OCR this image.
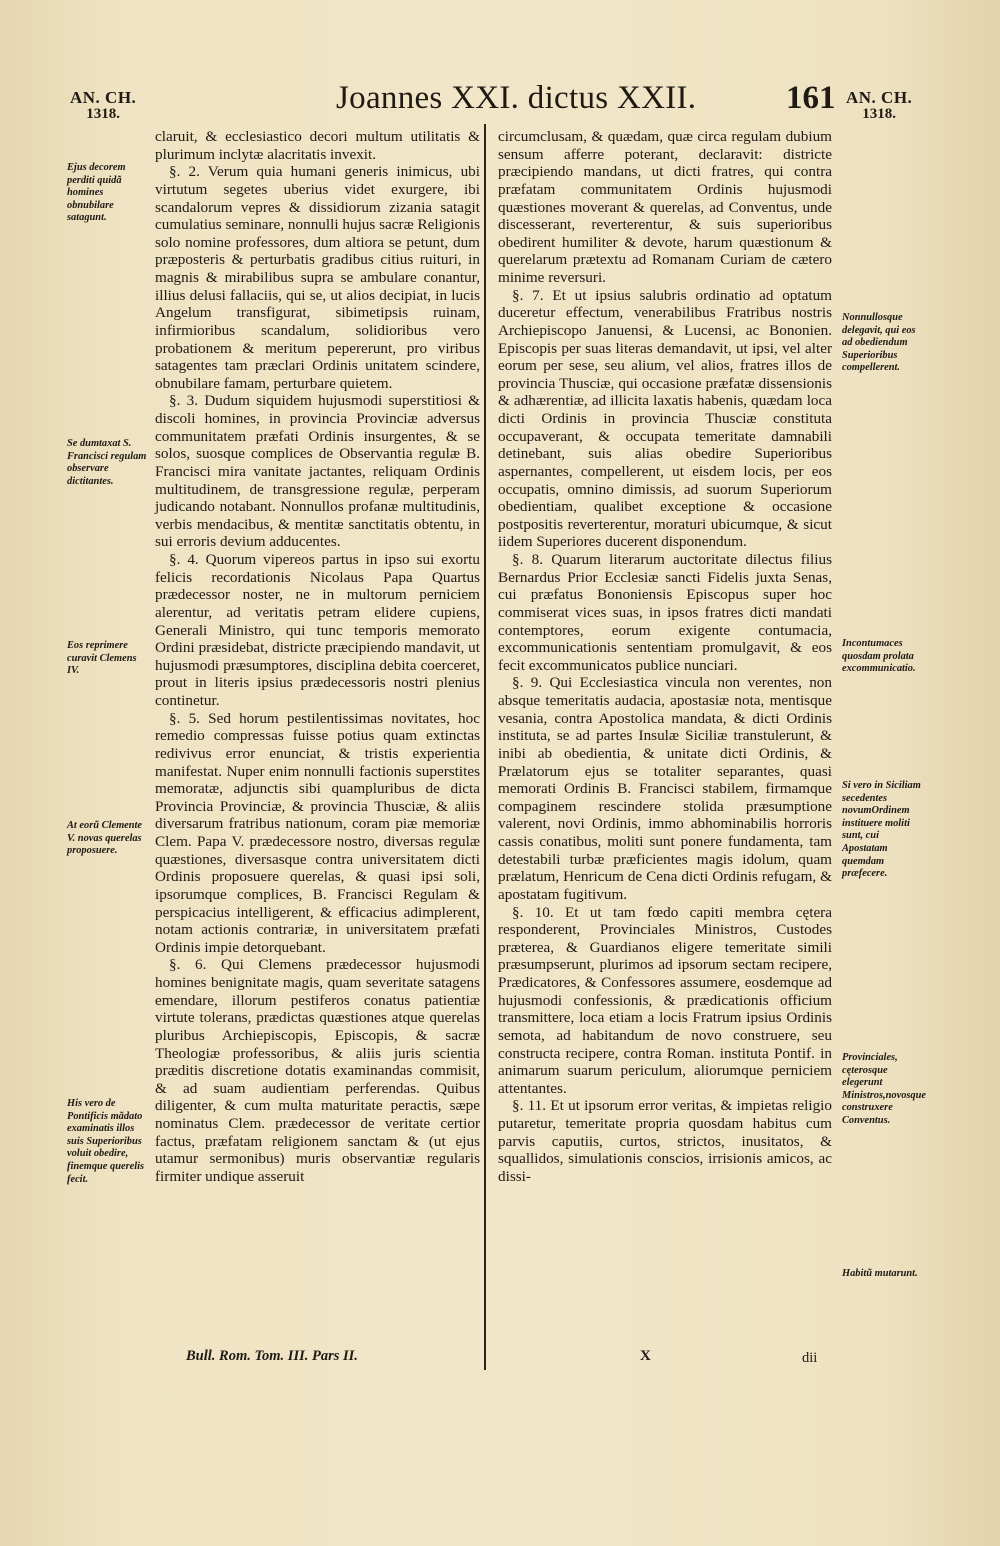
AN. CH.
1318.	Joannes XXI. dictus XXII.	161 AN. CH.
1318.
Ejus decorem perditi quidã homines obnubilare satagunt.
Se dumtaxat S. Francisci regulam observare dictitantes.
Eos reprimere curavit Clemens IV.
At eorũ Clemente V. novas querelas proposuere.
His vero de Pontificis mãdato examinatis illos suis Superioribus voluit obedire, finemque querelis fecit.

claruit, & ecclesiastico decori multum utilitatis & plurimum inclytæ alacritatis invexit.

§. 2. Verum quia humani generis inimicus, ubi virtutum segetes uberius videt exurgere, ibi scandalorum vepres & dissidiorum zizania satagit cumulatius seminare, nonnulli hujus sacræ Religionis solo nomine professores, dum altiora se petunt, dum præposteris & perturbatis gradibus citius ruituri, in magnis & mirabilibus supra se ambulare conantur, illius delusi fallaciis, qui se, ut alios decipiat, in lucis Angelum transfigurat, sibimetipsis ruinam, infirmioribus scandalum, solidioribus vero probationem & meritum pepererunt, pro viribus satagentes tam præclari Ordinis unitatem scindere, obnubilare famam, perturbare quietem.

§. 3. Dudum siquidem hujusmodi superstitiosi & discoli homines, in provincia Provinciæ adversus communitatem præfati Ordinis insurgentes, & se solos, suosque complices de Observantia regulæ B. Francisci mira vanitate jactantes, reliquam Ordinis multitudinem, de transgressione regulæ, perperam judicando notabant. Nonnullos profanæ multitudinis, verbis mendacibus, & mentitæ sanctitatis obtentu, in sui erroris devium adducentes.

§. 4. Quorum vipereos partus in ipso sui exortu felicis recordationis Nicolaus Papa Quartus prædecessor noster, ne in multorum perniciem alerentur, ad veritatis petram elidere cupiens, Generali Ministro, qui tunc temporis memorato Ordini præsidebat, districte præcipiendo mandavit, ut hujusmodi præsumptores, disciplina debita coerceret, prout in literis ipsius prædecessoris nostri plenius continetur.

§. 5. Sed horum pestilentissimas novitates, hoc remedio compressas fuisse potius quam extinctas redivivus error enunciat, & tristis experientia manifestat. Nuper enim nonnulli factionis superstites memoratæ, adjunctis sibi quampluribus de dicta Provincia Provinciæ, & provincia Thusciæ, & aliis diversarum fratribus nationum, coram piæ memoriæ Clem. Papa V. prædecessore nostro, diversas regulæ quæstiones, diversasque contra universitatem dicti Ordinis proposuere querelas, & quasi ipsi soli, ipsorumque complices, B. Francisci Regulam & perspicacius intelligerent, & efficacius adimplerent, notam actionis contrariæ, in universitatem præfati Ordinis impie detorquebant.

§. 6. Qui Clemens prædecessor hujusmodi homines benignitate magis, quam severitate satagens emendare, illorum pestiferos conatus patientiæ virtute tolerans, prædictas quæstiones atque querelas pluribus Archiepiscopis, Episcopis, & sacræ Theologiæ professoribus, & aliis juris scientia præditis discretione dotatis examinandas commisit, & ad suam audientiam perferendas. Quibus diligenter, & cum multa maturitate peractis, sæpe nominatus Clem. prædecessor de veritate certior factus, præfatam religionem sanctam & (ut ejus utamur sermonibus) muris observantiæ regularis firmiter undique asseruit

circumclusam, & quædam, quæ circa regulam dubium sensum afferre poterant, declaravit: districte præcipiendo mandans, ut dicti fratres, qui contra præfatam communitatem Ordinis hujusmodi quæstiones moverant & querelas, ad Conventus, unde discesserant, reverterentur, & suis superioribus obedirent humiliter & devote, harum quæstionum & querelarum prætextu ad Romanam Curiam de cætero minime reversuri.

§. 7. Et ut ipsius salubris ordinatio ad optatum duceretur effectum, venerabilibus Fratribus nostris Archiepiscopo Januensi, & Lucensi, ac Bononien. Episcopis per suas literas demandavit, ut ipsi, vel alter eorum per sese, seu alium, vel alios, fratres illos de provincia Thusciæ, qui occasione præfatæ dissensionis & adhærentiæ, ad illicita laxatis habenis, quædam loca dicti Ordinis in provincia Thusciæ constituta occupaverant, & occupata temeritate damnabili detinebant, suis alias obedire Superioribus aspernantes, compellerent, ut eisdem locis, per eos occupatis, omnino dimissis, ad suorum Superiorum obedientiam, qualibet exceptione & occasione postpositis reverterentur, moraturi ubicumque, & sicut iidem Superiores ducerent disponendum.

§. 8. Quarum literarum auctoritate dilectus filius Bernardus Prior Ecclesiæ sancti Fidelis juxta Senas, cui præfatus Bononiensis Episcopus super hoc commiserat vices suas, in ipsos fratres dicti mandati contemptores, eorum exigente contumacia, excommunicationis sententiam promulgavit, & eos fecit excommunicatos publice nunciari.

§. 9. Qui Ecclesiastica vincula non verentes, non absque temeritatis audacia, apostasiæ nota, mentisque vesania, contra Apostolica mandata, & dicti Ordinis instituta, se ad partes Insulæ Siciliæ transtulerunt, & inibi ab obedientia, & unitate dicti Ordinis, & Prælatorum ejus se totaliter separantes, quasi memorati Ordinis B. Francisci stabilem, firmamque compaginem rescindere stolida præsumptione valerent, novi Ordinis, immo abhominabilis horroris cassis conatibus, moliti sunt ponere fundamenta, tam detestabili turbæ præficientes magis idolum, quam prælatum, Henricum de Cena dicti Ordinis refugam, & apostatam fugitivum.

§. 10. Et ut tam fœdo capiti membra cętera responderent, Provinciales Ministros, Custodes præterea, & Guardianos eligere temeritate simili præsumpserunt, plurimos ad ipsorum sectam recipere, Prædicatores, & Confessores assumere, eosdemque ad hujusmodi confessionis, & prædicationis officium transmittere, loca etiam a locis Fratrum ipsius Ordinis semota, ad habitandum de novo construere, seu constructa recipere, contra Roman. instituta Pontif. in animarum suarum periculum, aliorumque perniciem attentantes.

§. 11. Et ut ipsorum error veritas, & impietas religio putaretur, temeritate propria quosdam habitus cum parvis caputiis, curtos, strictos, inusitatos, & squallidos, simulationis conscios, irrisionis amicos, ac dissi-

Nonnullosque delegavit, qui eos ad obediendum Superioribus compellerent.
Incontumaces quosdam prolata excommunicatio.
Si vero in Siciliam secedentes novumOrdinem instituere moliti sunt, cui Apostatam quemdam præfecere.
Provinciales, cęterosque elegerunt Ministros,novosque construxere Conventus.
Habitũ mutarunt.
Bull. Rom. Tom. III. Pars II.	X	dii
